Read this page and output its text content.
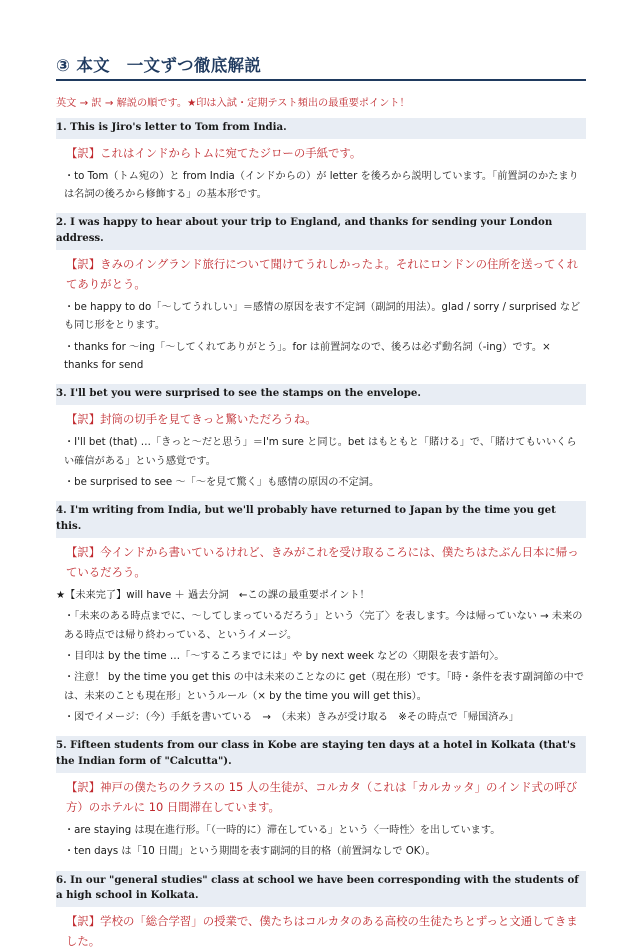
③ 本文　一文ずつ徹底解説
英文 → 訳 → 解説の順です。★印は入試・定期テスト頻出の最重要ポイント！
1. This is Jiro's letter to Tom from India.
【訳】これはインドからトムに宛てたジローの手紙です。
・to Tom（トム宛の）と from India（インドからの）が letter を後ろから説明しています。「前置詞のかたまりは名詞の後ろから修飾する」の基本形です。
2. I was happy to hear about your trip to England, and thanks for sending your London address.
【訳】きみのイングランド旅行について聞けてうれしかったよ。それにロンドンの住所を送ってくれてありがとう。
・be happy to do「～してうれしい」＝感情の原因を表す不定詞（副詞的用法）。glad / sorry / surprised なども同じ形をとります。
・thanks for ～ing「～してくれてありがとう」。for は前置詞なので、後ろは必ず動名詞（-ing）です。× thanks for send
3. I'll bet you were surprised to see the stamps on the envelope.
【訳】封筒の切手を見てきっと驚いただろうね。
・I'll bet (that) …「きっと～だと思う」＝I'm sure と同じ。bet はもともと「賭ける」で、「賭けてもいいくらい確信がある」という感覚です。
・be surprised to see ～「～を見て驚く」も感情の原因の不定詞。
4. I'm writing from India, but we'll probably have returned to Japan by the time you get this.
【訳】今インドから書いているけれど、きみがこれを受け取るころには、僕たちはたぶん日本に帰っているだろう。
★【未来完了】will have ＋ 過去分詞　←この課の最重要ポイント！
・「未来のある時点までに、～してしまっているだろう」という〈完了〉を表します。今は帰っていない → 未来のある時点では帰り終わっている、というイメージ。
・目印は by the time …「～するころまでには」や by next week などの〈期限を表す語句〉。
・注意！ by the time you get this の中は未来のことなのに get（現在形）です。「時・条件を表す副詞節の中では、未来のことも現在形」というルール（× by the time you will get this）。
・図でイメージ：（今）手紙を書いている　→　（未来）きみが受け取る　※その時点で「帰国済み」
5. Fifteen students from our class in Kobe are staying ten days at a hotel in Kolkata (that's the Indian form of "Calcutta").
【訳】神戸の僕たちのクラスの 15 人の生徒が、コルカタ（これは「カルカッタ」のインド式の呼び方）のホテルに 10 日間滞在しています。
・are staying は現在進行形。「（一時的に）滞在している」という〈一時性〉を出しています。
・ten days は「10 日間」という期間を表す副詞的目的格（前置詞なしで OK）。
6. In our "general studies" class at school we have been corresponding with the students of a high school in Kolkata.
【訳】学校の「総合学習」の授業で、僕たちはコルカタのある高校の生徒たちとずっと文通してきました。
